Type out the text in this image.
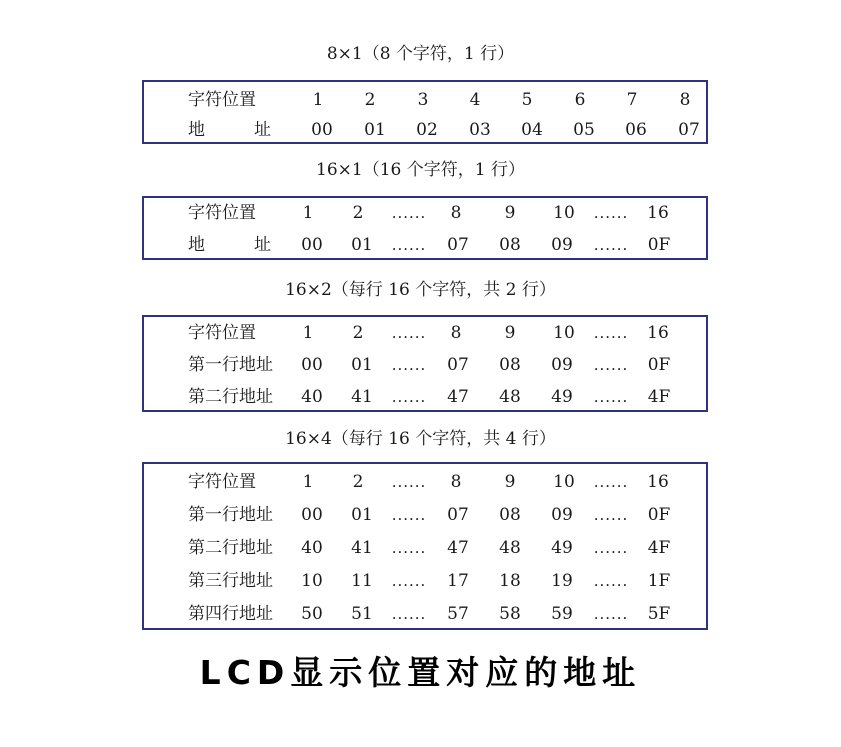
8×1（8 个字符，1 行）
字符位置	1 2 3 4 5 6 7 8
地	址 00 01 02 03 04 05 06 07
16×1（16 个字符，1 行）
字符位置	1 2 ...... 8	9 10 ...... 16
地	址 00 01 ...... 07 08 09 ...... 0F
16×2（每行 16 个字符，共 2 行）
字符位置	1 2 ...... 8	9 10 ...... 16
第一行地址 00 01 ...... 07 08 09 ...... 0F
第二行地址 40 41 ...... 47 48 49 ...... 4F
16×4（每行 16 个字符，共 4 行）
字符位置	1 2 ...... 8	9 10 ...... 16
第一行地址 00 01 ...... 07 08 09 ...... 0F
第二行地址 40 41 ...... 47 48 49 ...... 4F
第三行地址 10 11 ...... 17 18 19 ...... 1F
第四行地址 50 51 ...... 57 58 59 ...... 5F
LCD显示位置对应的地址
